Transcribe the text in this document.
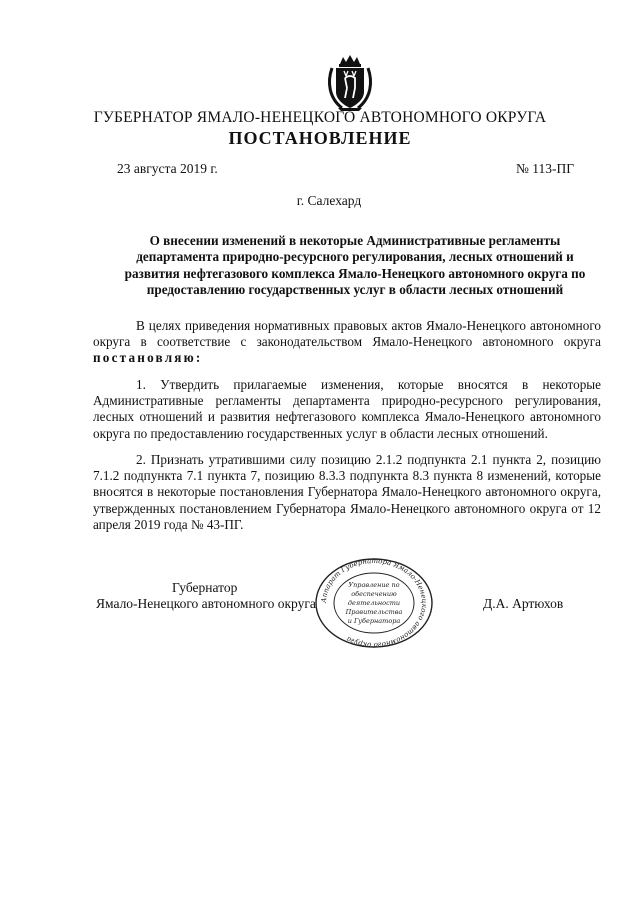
ГУБЕРНАТОР ЯМАЛО-НЕНЕЦКОГО АВТОНОМНОГО ОКРУГА
ПОСТАНОВЛЕНИЕ
23 августа 2019 г.	№ 113-ПГ
г. Салехард
О внесении изменений в некоторые Административные регламенты департамента природно-ресурсного регулирования, лесных отношений и развития нефтегазового комплекса Ямало-Ненецкого автономного округа по предоставлению государственных услуг в области лесных отношений
В целях приведения нормативных правовых актов Ямало-Ненецкого автономного округа в соответствие с законодательством Ямало-Ненецкого автономного округа постановляю:
1. Утвердить прилагаемые изменения, которые вносятся в некоторые Административные регламенты департамента природно-ресурсного регулирования, лесных отношений и развития нефтегазового комплекса Ямало-Ненецкого автономного округа по предоставлению государственных услуг в области лесных отношений.
2. Признать утратившими силу позицию 2.1.2 подпункта 2.1 пункта 2, позицию 7.1.2 подпункта 7.1 пункта 7, позицию 8.3.3 подпункта 8.3 пункта 8 изменений, которые вносятся в некоторые постановления Губернатора Ямало-Ненецкого автономного округа, утвержденных постановлением Губернатора Ямало-Ненецкого автономного округа от 12 апреля 2019 года № 43-ПГ.
Губернатор
Ямало-Ненецкого автономного округа	Д.А. Артюхов
Аппарат Губернатора Ямало-Ненецкого автономного округа
Управление по
обеспечению
деятельности
Правительства
и Губернатора
